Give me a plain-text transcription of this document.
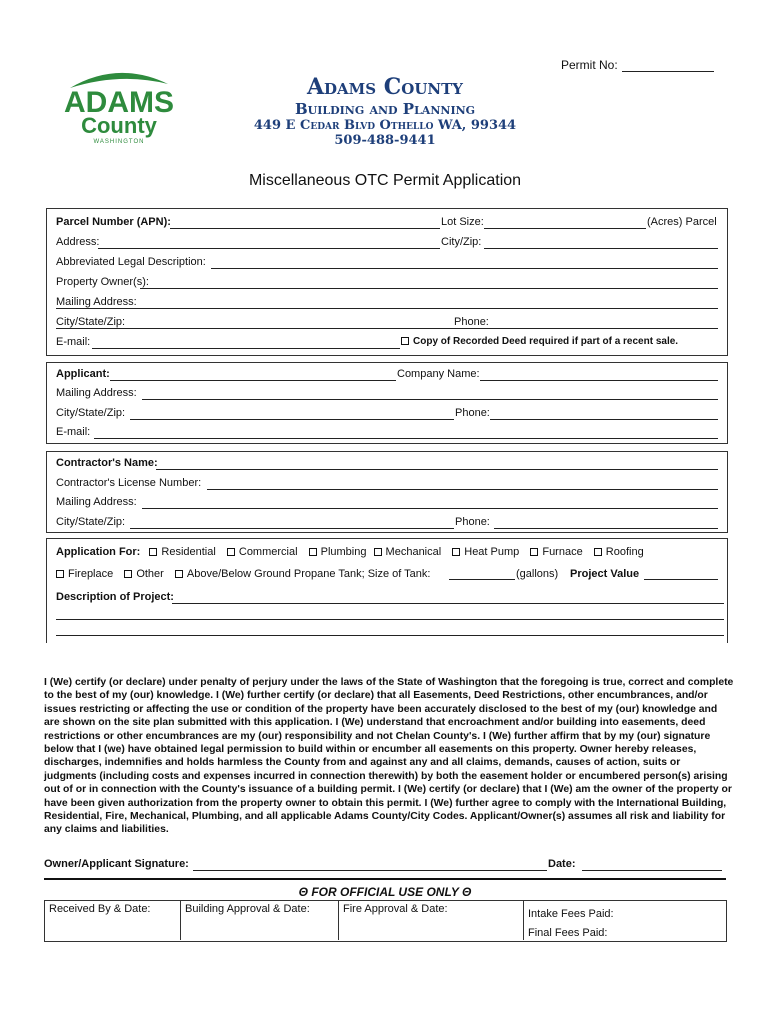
Permit No:
ADAMS
County
WASHINGTON
Adams County
Building and Planning
449 E Cedar Blvd Othello WA, 99344
509-488-9441
Miscellaneous OTC Permit Application
Parcel Number (APN):	Lot Size:	(Acres) Parcel
Address:	City/Zip:
Abbreviated Legal Description:
Property Owner(s):
Mailing Address:
City/State/Zip:	Phone:
E-mail:	Copy of Recorded Deed required if part of a recent sale.
Applicant:	Company Name:
Mailing Address:
City/State/Zip:	Phone:
E-mail:
Contractor's Name:
Contractor's License Number:
Mailing Address:
City/State/Zip:	Phone:
Application For: Residential Commercial Plumbing Mechanical Heat Pump Furnace Roofing
Fireplace Other Above/Below Ground Propane Tank; Size of Tank:	(gallons) Project Value
Description of Project:
I (We) certify (or declare) under penalty of perjury under the laws of the State of Washington that the foregoing is true, correct and complete to the best of my (our) knowledge. I (We) further certify (or declare) that all Easements, Deed Restrictions, other encumbrances, and/or issues restricting or affecting the use or condition of the property have been accurately disclosed to the best of my (our) knowledge and are shown on the site plan submitted with this application. I (We) understand that encroachment and/or building into easements, deed restrictions or other encumbrances are my (our) responsibility and not Chelan County's. I (We) further affirm that by my (our) signature below that I (we) have obtained legal permission to build within or encumber all easements on this property. Owner hereby releases, discharges, indemnifies and holds harmless the County from and against any and all claims, demands, causes of action, suits or judgments (including costs and expenses incurred in connection therewith) by both the easement holder or encumbered person(s) arising out of or in connection with the County's issuance of a building permit. I (We) certify (or declare) that I (We) am the owner of the property or have been given authorization from the property owner to obtain this permit. I (We) further agree to comply with the International Building, Residential, Fire, Mechanical, Plumbing, and all applicable Adams County/City Codes. Applicant/Owner(s) assumes all risk and liability for any claims and liabilities.
Owner/Applicant Signature:	Date:
Θ FOR OFFICIAL USE ONLY Θ
Received By & Date:	Building Approval & Date:	Fire Approval & Date:	Intake Fees Paid:
Final Fees Paid:
